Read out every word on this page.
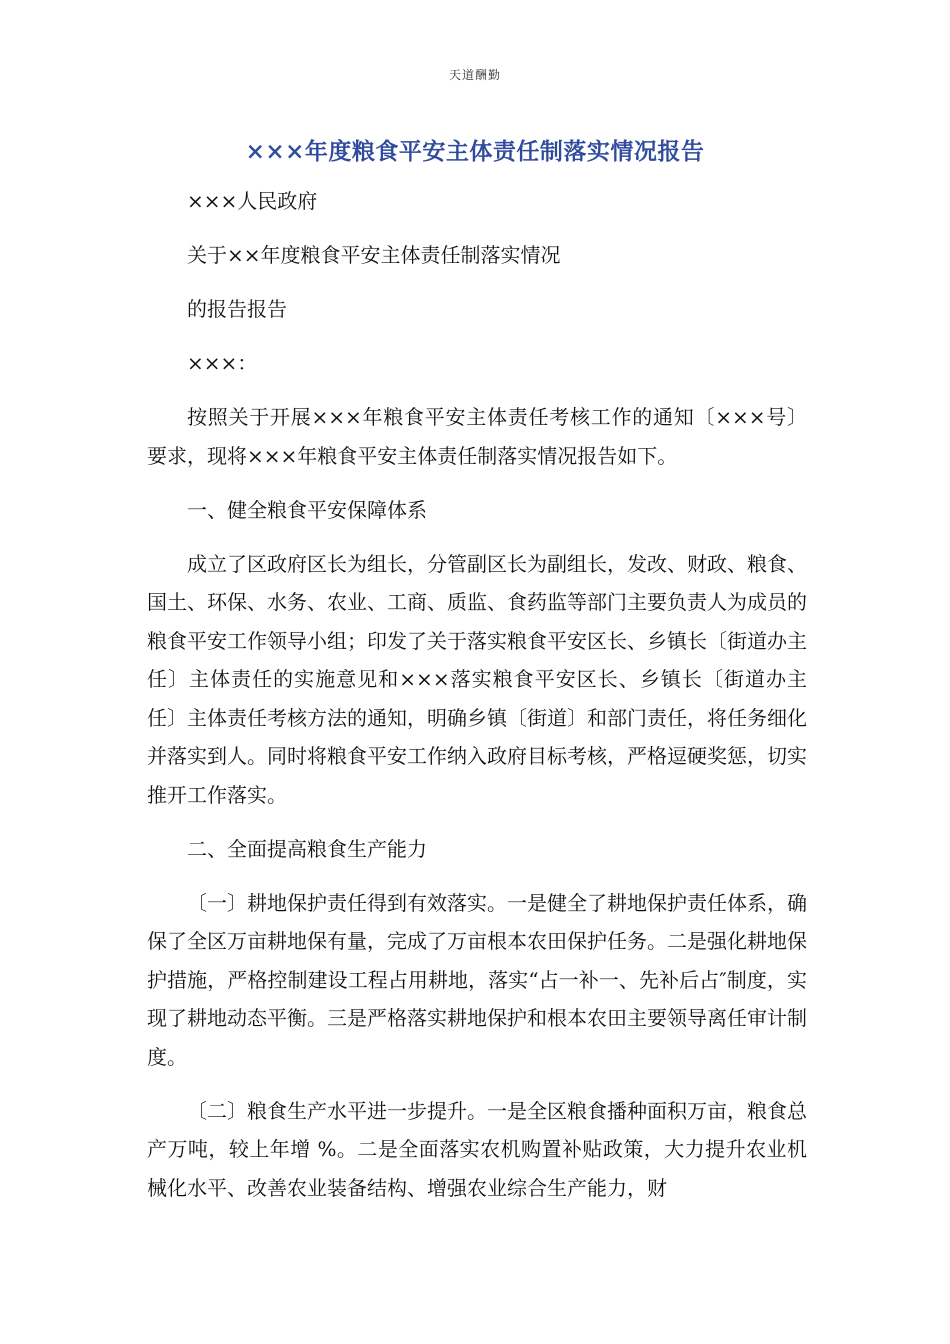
天道酬勤
×××年度粮食平安主体责任制落实情况报告

×××人民政府

关于××年度粮食平安主体责任制落实情况

的报告报告

×××：

按照关于开展×××年粮食平安主体责任考核工作的通知〔×××号〕要求，现将×××年粮食平安主体责任制落实情况报告如下。

一、健全粮食平安保障体系

成立了区政府区长为组长，分管副区长为副组长，发改、财政、粮食、国土、环保、水务、农业、工商、质监、食药监等部门主要负责人为成员的粮食平安工作领导小组；印发了关于落实粮食平安区长、乡镇长〔街道办主任〕主体责任的实施意见和×××落实粮食平安区长、乡镇长〔街道办主任〕主体责任考核方法的通知，明确乡镇〔街道〕和部门责任，将任务细化并落实到人。同时将粮食平安工作纳入政府目标考核，严格逗硬奖惩，切实推开工作落实。

二、全面提高粮食生产能力

〔一〕耕地保护责任得到有效落实。一是健全了耕地保护责任体系，确保了全区万亩耕地保有量，完成了万亩根本农田保护任务。二是强化耕地保护措施，严格控制建设工程占用耕地，落实“占一补一、先补后占″制度，实现了耕地动态平衡。三是严格落实耕地保护和根本农田主要领导离任审计制度。

〔二〕粮食生产水平进一步提升。一是全区粮食播种面积万亩，粮食总产万吨，较上年增 %。二是全面落实农机购置补贴政策，大力提升农业机械化水平、改善农业装备结构、增强农业综合生产能力，财
